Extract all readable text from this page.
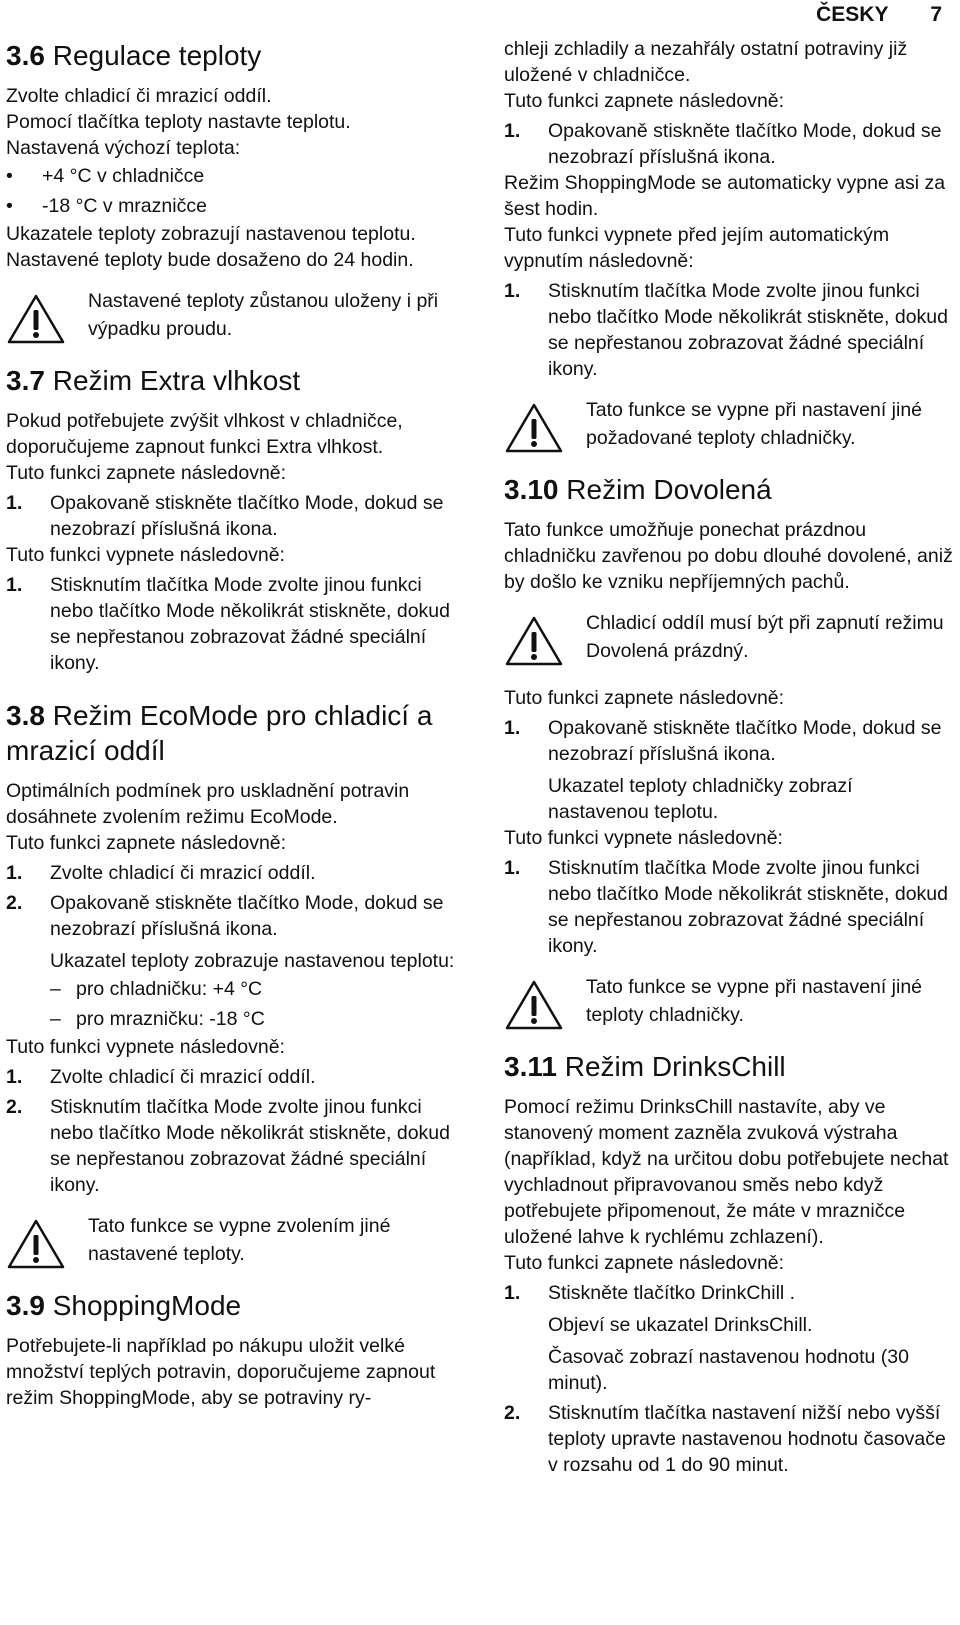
ČESKY 7
3.6 Regulace teploty

Zvolte chladicí či mrazicí oddíl.

Pomocí tlačítka teploty nastavte teplotu.

Nastavená výchozí teplota:

• +4 °C v chladničce
• -18 °C v mrazničce

Ukazatele teploty zobrazují nastavenou teplotu.

Nastavené teploty bude dosaženo do 24 hodin.

Nastavené teploty zůstanou uloženy i při výpadku proudu.
3.7 Režim Extra vlhkost

Pokud potřebujete zvýšit vlhkost v chladničce, doporučujeme zapnout funkci Extra vlhkost.

Tuto funkci zapnete následovně:

1.	Opakovaně stiskněte tlačítko Mode, dokud se nezobrazí příslušná ikona.

Tuto funkci vypnete následovně:

1.	Stisknutím tlačítka Mode zvolte jinou funkci nebo tlačítko Mode několikrát stiskněte, dokud se nepřestanou zobrazovat žádné speciální ikony.
3.8 Režim EcoMode pro chladicí a mrazicí oddíl

Optimálních podmínek pro uskladnění potravin dosáhnete zvolením režimu EcoMode.

Tuto funkci zapnete následovně:

1.	Zvolte chladicí či mrazicí oddíl.
2.	Opakovaně stiskněte tlačítko Mode, dokud se nezobrazí příslušná ikona.

Ukazatel teploty zobrazuje nastavenou teplotu:

– pro chladničku: +4 °C
– pro mrazničku: -18 °C

Tuto funkci vypnete následovně:

1.	Zvolte chladicí či mrazicí oddíl.
2.	Stisknutím tlačítka Mode zvolte jinou funkci nebo tlačítko Mode několikrát stiskněte, dokud se nepřestanou zobrazovat žádné speciální ikony.
Tato funkce se vypne zvolením jiné nastavené teploty.
3.9 ShoppingMode

Potřebujete-li například po nákupu uložit velké množství teplých potravin, doporučujeme zapnout režim ShoppingMode, aby se potraviny ry-

chleji zchladily a nezahřály ostatní potraviny již uložené v chladničce.

Tuto funkci zapnete následovně:

1.	Opakovaně stiskněte tlačítko Mode, dokud se nezobrazí příslušná ikona.

Režim ShoppingMode se automaticky vypne asi za šest hodin.

Tuto funkci vypnete před jejím automatickým vypnutím následovně:

1.	Stisknutím tlačítka Mode zvolte jinou funkci nebo tlačítko Mode několikrát stiskněte, dokud se nepřestanou zobrazovat žádné speciální ikony.
Tato funkce se vypne při nastavení jiné požadované teploty chladničky.
3.10 Režim Dovolená

Tato funkce umožňuje ponechat prázdnou chladničku zavřenou po dobu dlouhé dovolené, aniž by došlo ke vzniku nepříjemných pachů.

Chladicí oddíl musí být při zapnutí režimu Dovolená prázdný.

Tuto funkci zapnete následovně:

1.	Opakovaně stiskněte tlačítko Mode, dokud se nezobrazí příslušná ikona.

Ukazatel teploty chladničky zobrazí nastavenou teplotu.

Tuto funkci vypnete následovně:

1.	Stisknutím tlačítka Mode zvolte jinou funkci nebo tlačítko Mode několikrát stiskněte, dokud se nepřestanou zobrazovat žádné speciální ikony.
Tato funkce se vypne při nastavení jiné teploty chladničky.
3.11 Režim DrinksChill

Pomocí režimu DrinksChill nastavíte, aby ve stanovený moment zazněla zvuková výstraha (například, když na určitou dobu potřebujete nechat vychladnout připravovanou směs nebo když potřebujete připomenout, že máte v mrazničce uložené lahve k rychlému zchlazení).

Tuto funkci zapnete následovně:

1.	Stiskněte tlačítko DrinkChill .

Objeví se ukazatel DrinksChill.

Časovač zobrazí nastavenou hodnotu (30 minut).

2.	Stisknutím tlačítka nastavení nižší nebo vyšší teploty upravte nastavenou hodnotu časovače v rozsahu od 1 do 90 minut.
